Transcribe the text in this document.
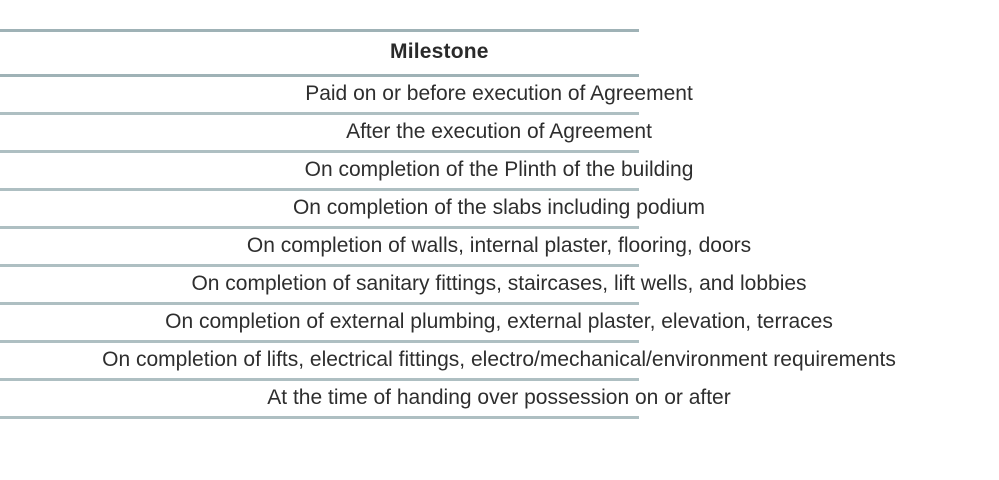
Milestone
Paid on or before execution of Agreement
After the execution of Agreement
On completion of the Plinth of the building
On completion of the slabs including podium
On completion of walls, internal plaster, flooring, doors
On completion of sanitary fittings, staircases, lift wells, and lobbies
On completion of external plumbing, external plaster, elevation, terraces
On completion of lifts, electrical fittings, electro/mechanical/environment requirements
At the time of handing over possession on or after
